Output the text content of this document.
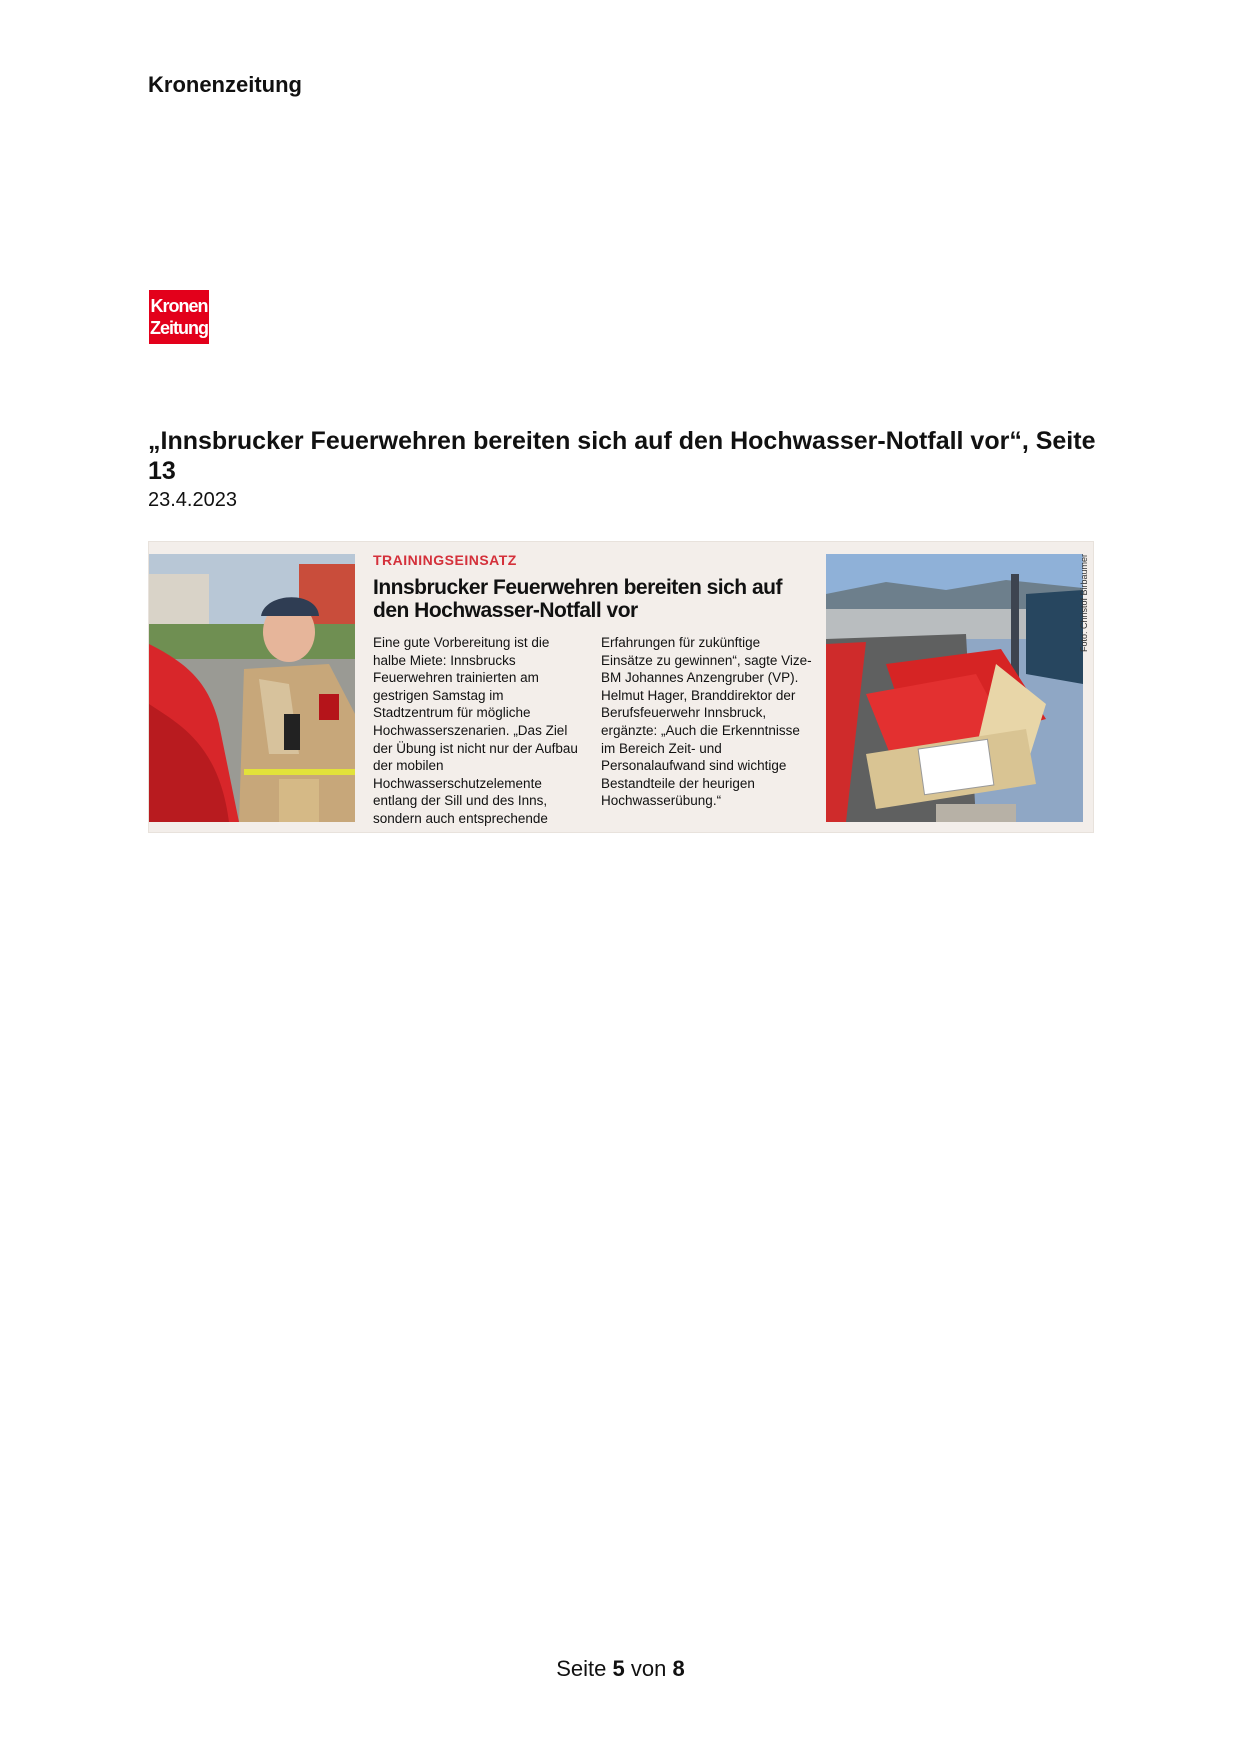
Kronenzeitung
Kronen
Zeitung
„Innsbrucker Feuerwehren bereiten sich auf den Hochwasser-Notfall vor“, Seite 13
23.4.2023
TRAININGSEINSATZ
Innsbrucker Feuerwehren bereiten sich auf den Hochwasser-Notfall vor
Eine gute Vorbereitung ist die halbe Miete: Innsbrucks Feuerwehren trainierten am gestrigen Samstag im Stadtzentrum für mögliche Hochwasserszenarien. „Das Ziel der Übung ist nicht nur der Aufbau der mobilen Hochwasserschutzelemente entlang der Sill und des Inns, sondern auch entsprechende Erfahrungen für zukünftige Einsätze zu gewinnen“, sagte Vize-BM Johannes Anzengruber (VP). Helmut Hager, Branddirektor der Berufsfeuerwehr Innsbruck, ergänzte: „Auch die Erkenntnisse im Bereich Zeit- und Personalaufwand sind wichtige Bestandteile der heurigen Hochwasserübung.“
Foto: Christof Birbaumer
Seite 5 von 8
